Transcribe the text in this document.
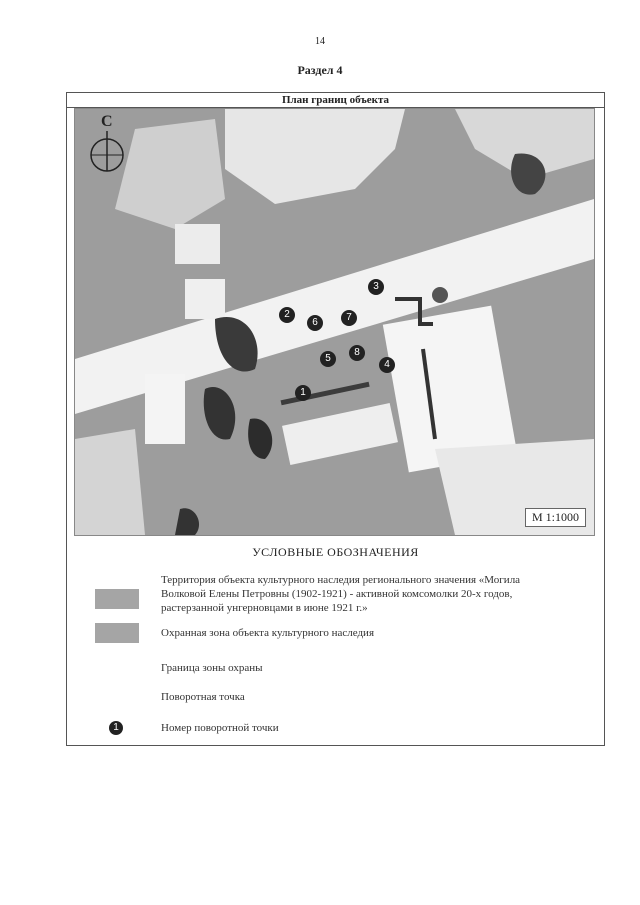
14
Раздел 4
План границ объекта
С
1
2
3
4
5
6	7
8
М 1:1000
УСЛОВНЫЕ ОБОЗНАЧЕНИЯ
Территория объекта культурного наследия регионального значения «Могила Волковой Елены Петровны (1902-1921) - активной комсомолки 20-х годов, растерзанной унгерновцами в июне 1921 г.»
Охранная зона объекта культурного наследия
Граница зоны охраны
Поворотная точка
1	Номер поворотной точки
